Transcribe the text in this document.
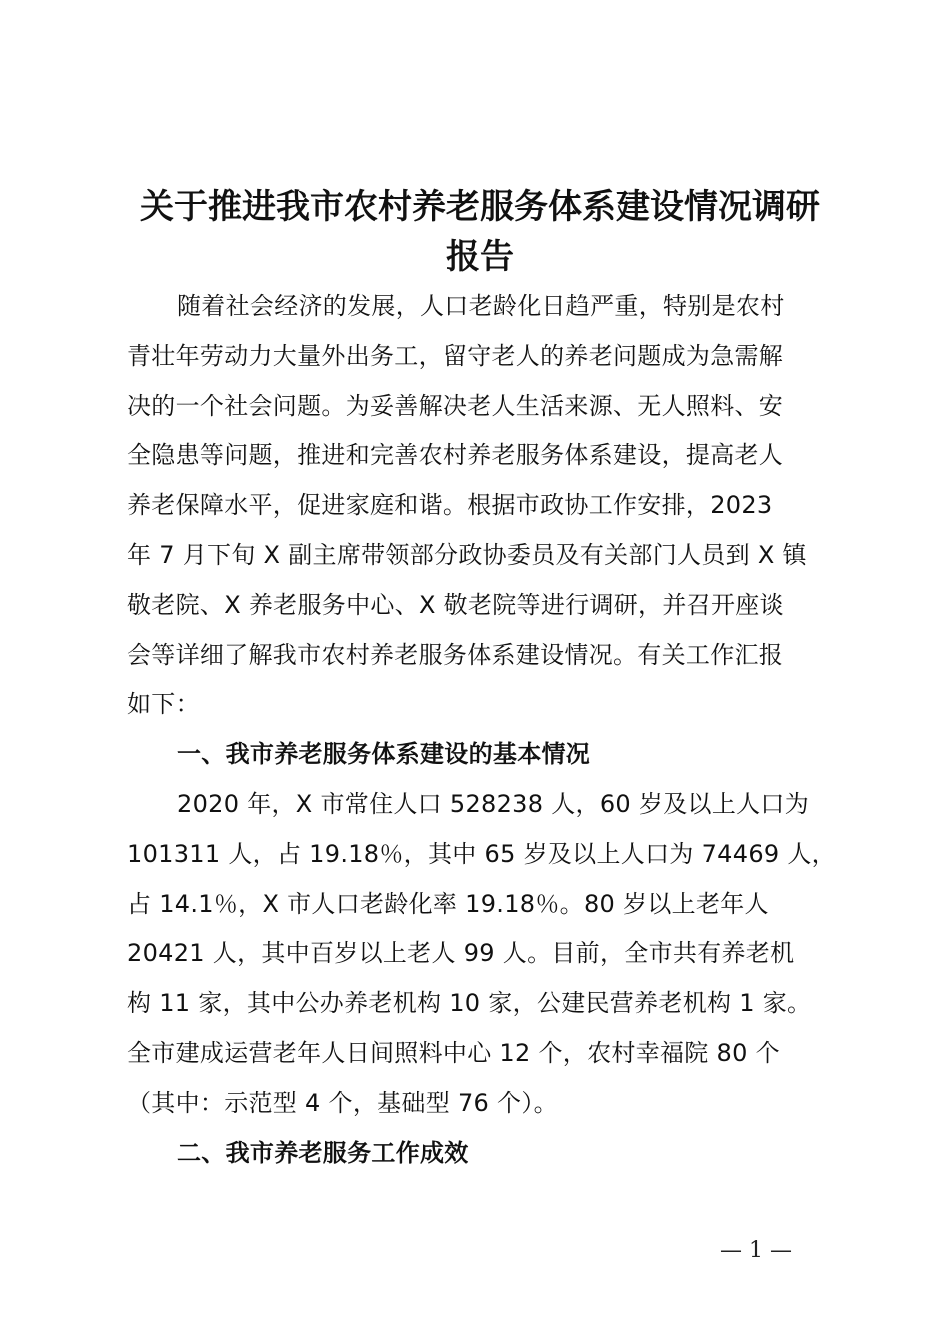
关于推进我市农村养老服务体系建设情况调研
报告
随着社会经济的发展，人口老龄化日趋严重，特别是农村
青壮年劳动力大量外出务工，留守老人的养老问题成为急需解
决的一个社会问题。为妥善解决老人生活来源、无人照料、安
全隐患等问题，推进和完善农村养老服务体系建设，提高老人
养老保障水平，促进家庭和谐。根据市政协工作安排，2023
年 7 月下旬 X 副主席带领部分政协委员及有关部门人员到 X 镇
敬老院、X 养老服务中心、X 敬老院等进行调研，并召开座谈
会等详细了解我市农村养老服务体系建设情况。有关工作汇报
如下：
一、我市养老服务体系建设的基本情况
2020 年，X 市常住人口 528238 人，60 岁及以上人口为
101311 人，占 19.18％，其中 65 岁及以上人口为 74469 人，
占 14.1％，X 市人口老龄化率 19.18％。80 岁以上老年人
20421 人，其中百岁以上老人 99 人。目前，全市共有养老机
构 11 家，其中公办养老机构 10 家，公建民营养老机构 1 家。
全市建成运营老年人日间照料中心 12 个，农村幸福院 80 个
（其中：示范型 4 个，基础型 76 个）。
二、我市养老服务工作成效
— 1 —
